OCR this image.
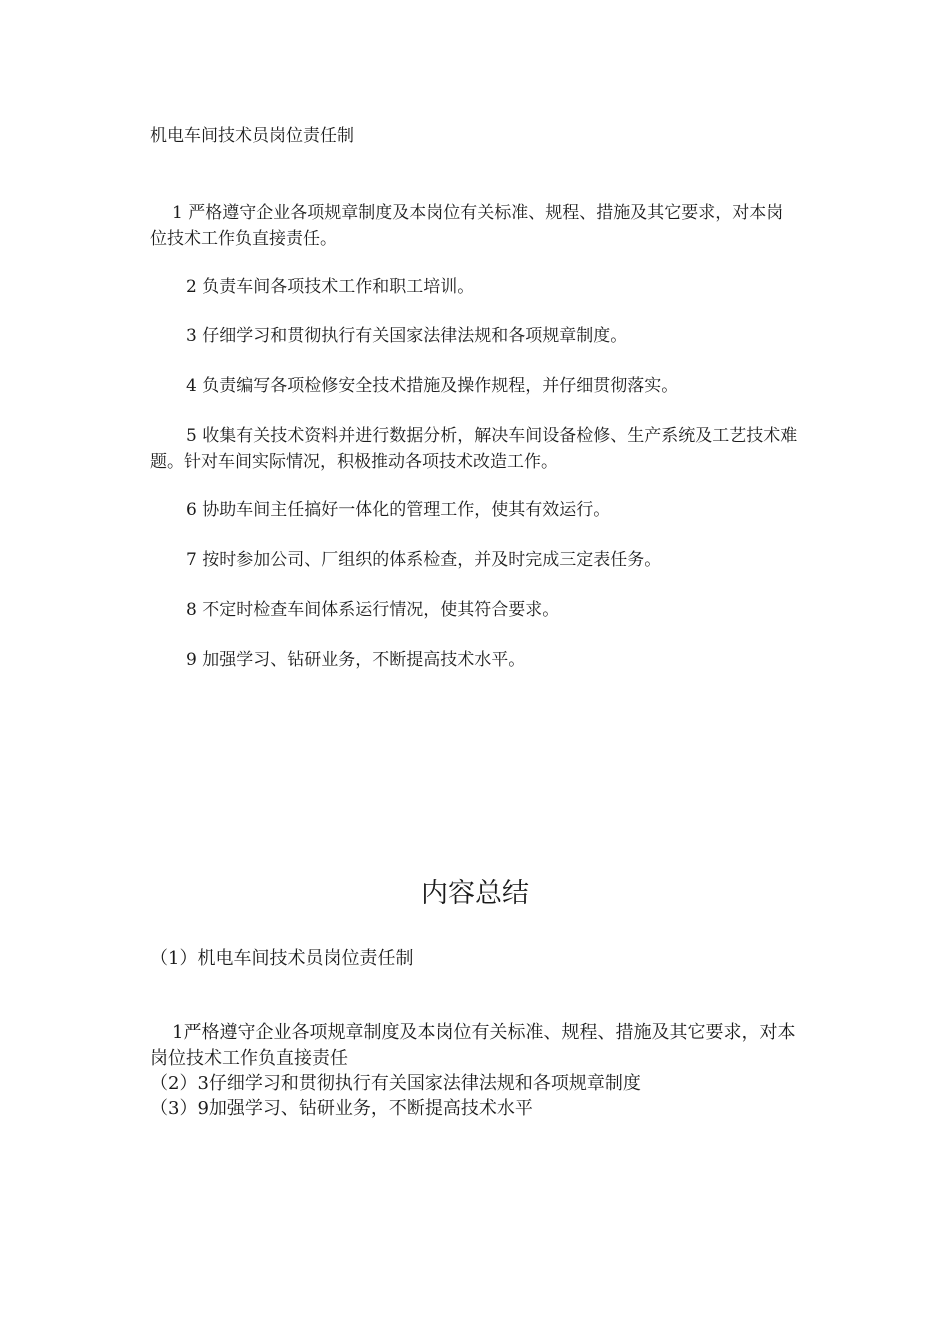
机电车间技术员岗位责任制
1 严格遵守企业各项规章制度及本岗位有关标准、规程、措施及其它要求，对本岗位技术工作负直接责任。
2 负责车间各项技术工作和职工培训。
3 仔细学习和贯彻执行有关国家法律法规和各项规章制度。
4 负责编写各项检修安全技术措施及操作规程，并仔细贯彻落实。
5 收集有关技术资料并进行数据分析，解决车间设备检修、生产系统及工艺技术难题。针对车间实际情况，积极推动各项技术改造工作。
6 协助车间主任搞好一体化的管理工作，使其有效运行。
7 按时参加公司、厂组织的体系检查，并及时完成三定表任务。
8 不定时检查车间体系运行情况，使其符合要求。
9 加强学习、钻研业务，不断提高技术水平。
内容总结
（1）机电车间技术员岗位责任制
1严格遵守企业各项规章制度及本岗位有关标准、规程、措施及其它要求，对本岗位技术工作负直接责任
（2）3仔细学习和贯彻执行有关国家法律法规和各项规章制度
（3）9加强学习、钻研业务，不断提高技术水平
